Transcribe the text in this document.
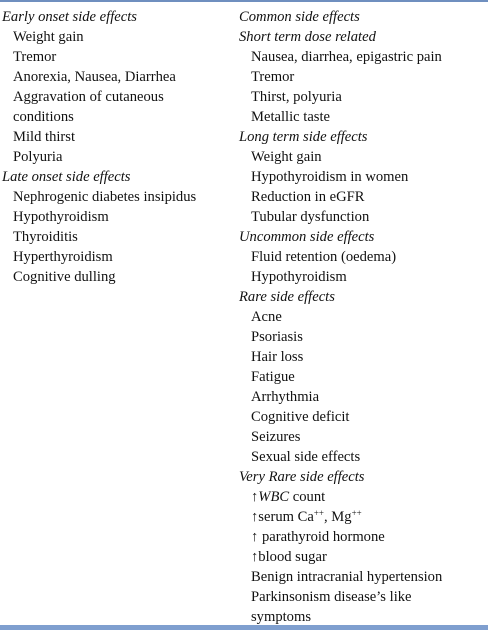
Early onset side effects
Weight gain
Tremor
Anorexia, Nausea, Diarrhea
Aggravation of cutaneous conditions
Mild thirst
Polyuria
Late onset side effects
Nephrogenic diabetes insipidus
Hypothyroidism
Thyroiditis
Hyperthyroidism
Cognitive dulling
Common side effects
Short term dose related
Nausea, diarrhea, epigastric pain
Tremor
Thirst, polyuria
Metallic taste
Long term side effects
Weight gain
Hypothyroidism in women
Reduction in eGFR
Tubular dysfunction
Uncommon side effects
Fluid retention (oedema)
Hypothyroidism
Rare side effects
Acne
Psoriasis
Hair loss
Fatigue
Arrhythmia
Cognitive deficit
Seizures
Sexual side effects
Very Rare side effects
↑WBC count
↑serum Ca++, Mg++
↑ parathyroid hormone
↑blood sugar
Benign intracranial hypertension
Parkinsonism disease’s like symptoms
